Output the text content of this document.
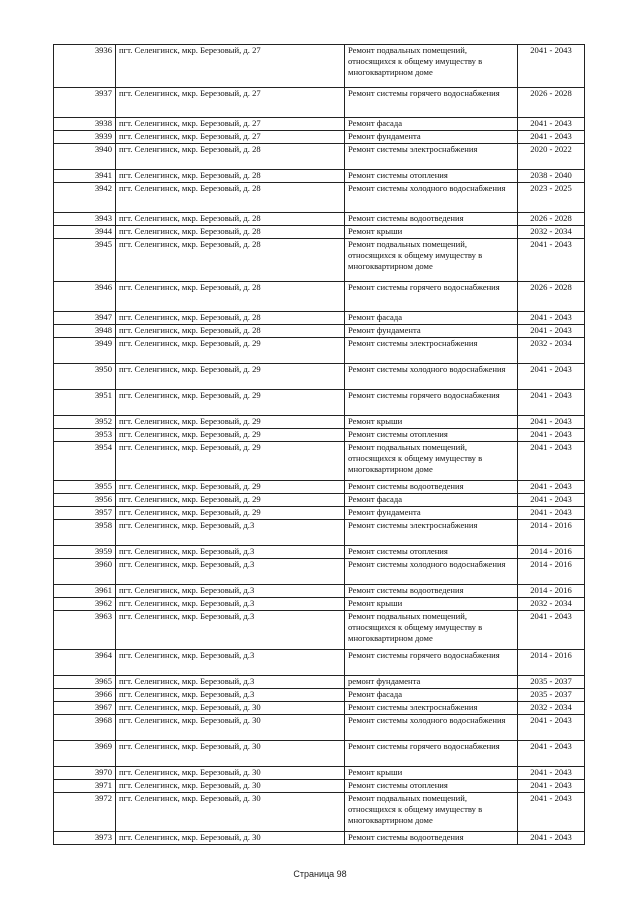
3936	пгт. Селенгинск, мкр. Березовый, д. 27	Ремонт подвальных помещений, относящихся к общему имуществу в многоквартирном доме	2041 - 2043
3937	пгт. Селенгинск, мкр. Березовый, д. 27	Ремонт системы горячего водоснабжения	2026 - 2028
3938	пгт. Селенгинск, мкр. Березовый, д. 27	Ремонт фасада	2041 - 2043
3939	пгт. Селенгинск, мкр. Березовый, д. 27	Ремонт фундамента	2041 - 2043
3940	пгт. Селенгинск, мкр. Березовый, д. 28	Ремонт системы электроснабжения	2020 - 2022
3941	пгт. Селенгинск, мкр. Березовый, д. 28	Ремонт системы отопления	2038 - 2040
3942	пгт. Селенгинск, мкр. Березовый, д. 28	Ремонт системы холодного водоснабжения	2023 - 2025
3943	пгт. Селенгинск, мкр. Березовый, д. 28	Ремонт системы водоотведения	2026 - 2028
3944	пгт. Селенгинск, мкр. Березовый, д. 28	Ремонт крыши	2032 - 2034
3945	пгт. Селенгинск, мкр. Березовый, д. 28	Ремонт подвальных помещений, относящихся к общему имуществу в многоквартирном доме	2041 - 2043
3946	пгт. Селенгинск, мкр. Березовый, д. 28	Ремонт системы горячего водоснабжения	2026 - 2028
3947	пгт. Селенгинск, мкр. Березовый, д. 28	Ремонт фасада	2041 - 2043
3948	пгт. Селенгинск, мкр. Березовый, д. 28	Ремонт фундамента	2041 - 2043
3949	пгт. Селенгинск, мкр. Березовый, д. 29	Ремонт системы электроснабжения	2032 - 2034
3950	пгт. Селенгинск, мкр. Березовый, д. 29	Ремонт системы холодного водоснабжения	2041 - 2043
3951	пгт. Селенгинск, мкр. Березовый, д. 29	Ремонт системы горячего водоснабжения	2041 - 2043
3952	пгт. Селенгинск, мкр. Березовый, д. 29	Ремонт крыши	2041 - 2043
3953	пгт. Селенгинск, мкр. Березовый, д. 29	Ремонт системы отопления	2041 - 2043
3954	пгт. Селенгинск, мкр. Березовый, д. 29	Ремонт подвальных помещений, относящихся к общему имуществу в многоквартирном доме	2041 - 2043
3955	пгт. Селенгинск, мкр. Березовый, д. 29	Ремонт системы водоотведения	2041 - 2043
3956	пгт. Селенгинск, мкр. Березовый, д. 29	Ремонт фасада	2041 - 2043
3957	пгт. Селенгинск, мкр. Березовый, д. 29	Ремонт фундамента	2041 - 2043
3958	пгт. Селенгинск, мкр. Березовый, д.3	Ремонт системы электроснабжения	2014 - 2016
3959	пгт. Селенгинск, мкр. Березовый, д.3	Ремонт системы отопления	2014 - 2016
3960	пгт. Селенгинск, мкр. Березовый, д.3	Ремонт системы холодного водоснабжения	2014 - 2016
3961	пгт. Селенгинск, мкр. Березовый, д.3	Ремонт системы водоотведения	2014 - 2016
3962	пгт. Селенгинск, мкр. Березовый, д.3	Ремонт крыши	2032 - 2034
3963	пгт. Селенгинск, мкр. Березовый, д.3	Ремонт подвальных помещений, относящихся к общему имуществу в многоквартирном доме	2041 - 2043
3964	пгт. Селенгинск, мкр. Березовый, д.3	Ремонт системы горячего водоснабжения	2014 - 2016
3965	пгт. Селенгинск, мкр. Березовый, д.3	ремонт фундамента	2035 - 2037
3966	пгт. Селенгинск, мкр. Березовый, д.3	Ремонт фасада	2035 - 2037
3967	пгт. Селенгинск, мкр. Березовый, д. 30	Ремонт системы электроснабжения	2032 - 2034
3968	пгт. Селенгинск, мкр. Березовый, д. 30	Ремонт системы холодного водоснабжения	2041 - 2043
3969	пгт. Селенгинск, мкр. Березовый, д. 30	Ремонт системы горячего водоснабжения	2041 - 2043
3970	пгт. Селенгинск, мкр. Березовый, д. 30	Ремонт крыши	2041 - 2043
3971	пгт. Селенгинск, мкр. Березовый, д. 30	Ремонт системы отопления	2041 - 2043
3972	пгт. Селенгинск, мкр. Березовый, д. 30	Ремонт подвальных помещений, относящихся к общему имуществу в многоквартирном доме	2041 - 2043
3973	пгт. Селенгинск, мкр. Березовый, д. 30	Ремонт системы водоотведения	2041 - 2043
Страница 98
